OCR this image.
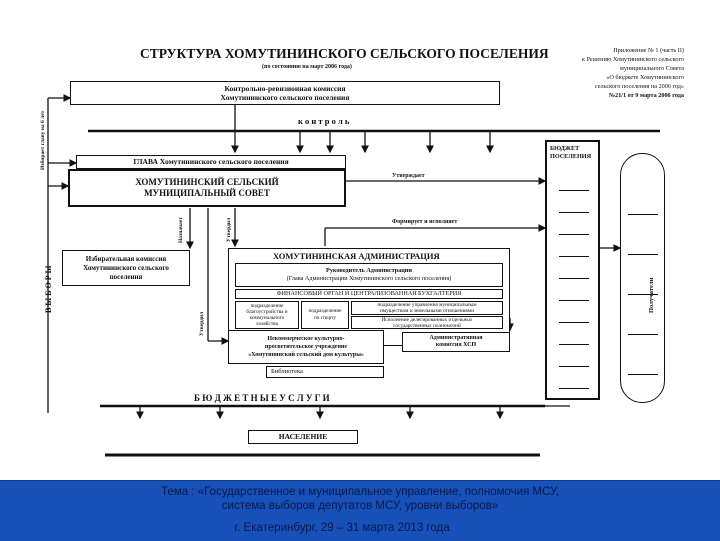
СТРУКТУРА ХОМУТИНИНСКОГО СЕЛЬСКОГО ПОСЕЛЕНИЯ
(по состоянию на март 2006 года)
Приложение № 1 (часть II)
к Решению Хомутининского сельского
муниципального Совета
«О бюджете Хомутининского
сельского поселения на 2006 год»
№21/1 от 9 марта 2006 года
Контрольно-ревизионная комиссия
Хомутининского сельского поселения
к о н т р о л ь
ГЛАВА Хомутининского сельского поселения
ХОМУТИНИНСКИЙ СЕЛЬСКИЙ
МУНИЦИПАЛЬНЫЙ СОВЕТ
БЮДЖЕТ
ПОСЕЛЕНИЯ
Получатели
Утверждает
Формирует и исполняет
Назначает	Утвердил
Утвердил
Избирает главу на 6 лет
В Ы Б О Р Ы
Избирательная комиссия
Хомутининского сельского
поселения
ХОМУТИНИНСКАЯ АДМИНИСТРАЦИЯ
Руководитель Администрации
(Глава Администрации Хомутининского сельского поселения)
ФИНАНСОВЫЙ ОРГАН И ЦЕНТРАЛИЗОВАННАЯ БУХГАЛТЕРИЯ
подразделение
благоустройства и
коммунального
хозяйства
подразделение
по спорту
подразделение управления муниципальным
имуществом и земельными отношениями
Исполнение делегированных отдельных
государственных полномочий
Административная
комиссия ХСП
Некоммерческое культурно-
просветительское учреждение
«Хомутининский сельский дом культуры»
Библиотека
Б Ю Д Ж Е Т Н Ы Е У С Л У Г И
НАСЕЛЕНИЕ
Тема : «Государственное и муниципальное управление, полномочия МСУ,
система выборов депутатов МСУ, уровни выборов»
г. Екатеринбург, 29 – 31 марта 2013 года
